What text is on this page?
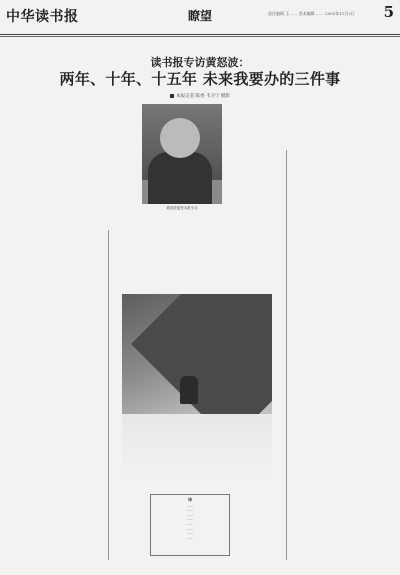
中华读书报	瞭望	责任编辑 王…… 美术编辑 …… 2005年11月2日	5
读书报专访黄怒波：
两年、十年、十五年 未来我要办的三件事
本报记者 陈香 韦卫宁 摄影
黄怒波接受本报专访
诗
……
……
……
……
……
……
……
……
